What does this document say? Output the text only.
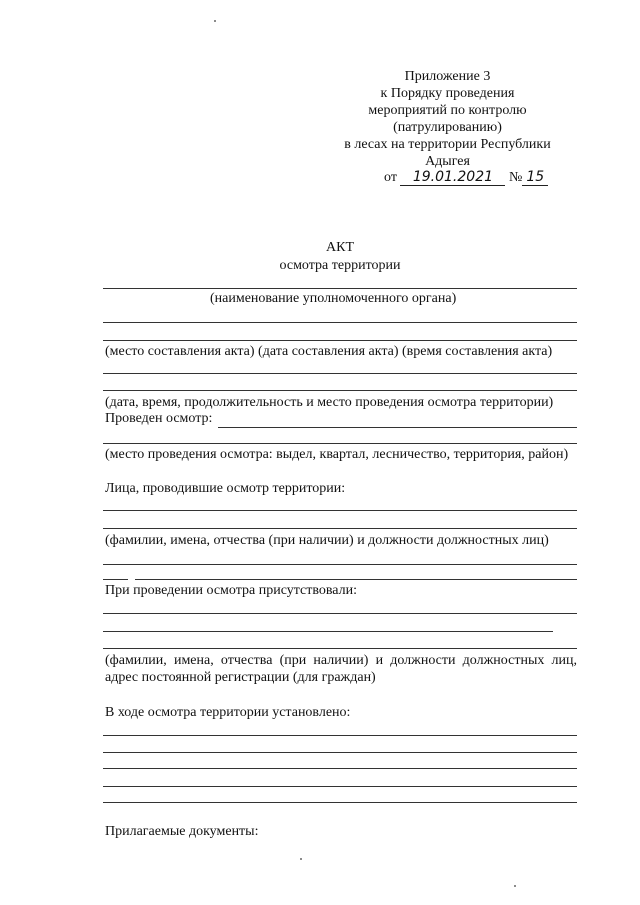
Приложение 3
к Порядку проведения
мероприятий по контролю
(патрулированию)
в лесах на территории Республики
Адыгея
от 19.01.2021 № 15
АКТ
осмотра территории
(наименование уполномоченного органа)
(место составления акта) (дата составления акта) (время составления акта)
(дата, время, продолжительность и место проведения осмотра территории)
Проведен осмотр:
(место проведения осмотра: выдел, квартал, лесничество, территория, район)
Лица, проводившие осмотр территории:
(фамилии, имена, отчества (при наличии) и должности должностных лиц)
При проведении осмотра присутствовали:
(фамилии, имена, отчества (при наличии) и должности должностных лиц, адрес постоянной регистрации (для граждан)
В ходе осмотра территории установлено:
Прилагаемые документы:
